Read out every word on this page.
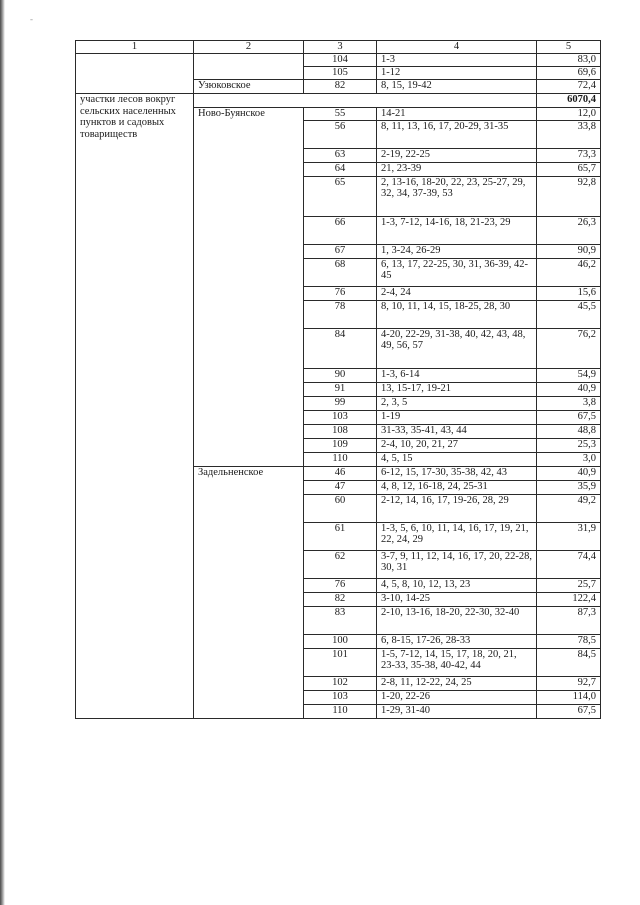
-
1	2	3	4	5
		104	1-3	83,0
		105	1-12	69,6
	Узюковское	82	8, 15, 19-42	72,4
участки лесов вокруг сельских населенных пунктов и садовых товариществ				6070,4
	Ново-Буянское	55	14-21	12,0
		56	8, 11, 13, 16, 17, 20-29, 31-35	33,8
		63	2-19, 22-25	73,3
		64	21, 23-39	65,7
		65	2, 13-16, 18-20, 22, 23, 25-27, 29, 32, 34, 37-39, 53	92,8
		66	1-3, 7-12, 14-16, 18, 21-23, 29	26,3
		67	1, 3-24, 26-29	90,9
		68	6, 13, 17, 22-25, 30, 31, 36-39, 42-45	46,2
		76	2-4, 24	15,6
		78	8, 10, 11, 14, 15, 18-25, 28, 30	45,5
		84	4-20, 22-29, 31-38, 40, 42, 43, 48, 49, 56, 57	76,2
		90	1-3, 6-14	54,9
		91	13, 15-17, 19-21	40,9
		99	2, 3, 5	3,8
		103	1-19	67,5
		108	31-33, 35-41, 43, 44	48,8
		109	2-4, 10, 20, 21, 27	25,3
		110	4, 5, 15	3,0
	Задельненское	46	6-12, 15, 17-30, 35-38, 42, 43	40,9
		47	4, 8, 12, 16-18, 24, 25-31	35,9
		60	2-12, 14, 16, 17, 19-26, 28, 29	49,2
		61	1-3, 5, 6, 10, 11, 14, 16, 17, 19, 21, 22, 24, 29	31,9
		62	3-7, 9, 11, 12, 14, 16, 17, 20, 22-28, 30, 31	74,4
		76	4, 5, 8, 10, 12, 13, 23	25,7
		82	3-10, 14-25	122,4
		83	2-10, 13-16, 18-20, 22-30, 32-40	87,3
		100	6, 8-15, 17-26, 28-33	78,5
		101	1-5, 7-12, 14, 15, 17, 18, 20, 21, 23-33, 35-38, 40-42, 44	84,5
		102	2-8, 11, 12-22, 24, 25	92,7
		103	1-20, 22-26	114,0
		110	1-29, 31-40	67,5
